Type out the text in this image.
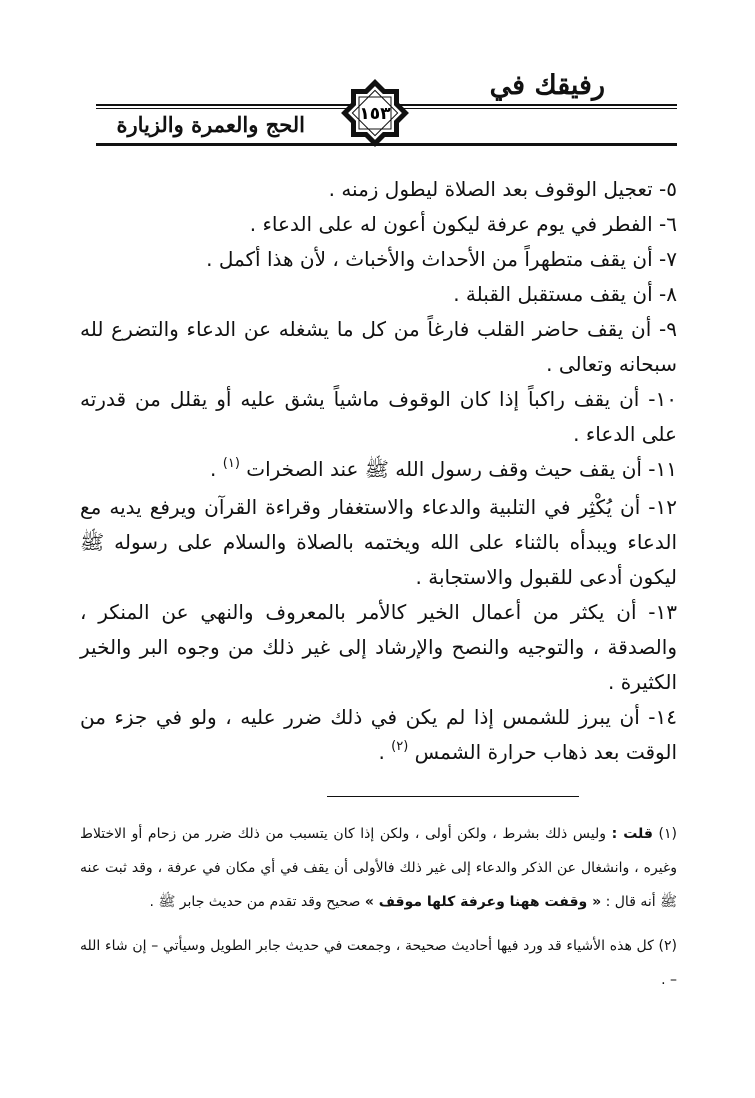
رفيقك في
الحج والعمرة والزيارة	١٥٣
٥- تعجيل الوقوف بعد الصلاة ليطول زمنه .
٦- الفطر في يوم عرفة ليكون أعون له على الدعاء .
٧- أن يقف متطهراً من الأحداث والأخباث ، لأن هذا أكمل .
٨- أن يقف مستقبل القبلة .
٩- أن يقف حاضر القلب فارغاً من كل ما يشغله عن الدعاء والتضرع لله سبحانه وتعالى .
١٠- أن يقف راكباً إذا كان الوقوف ماشياً يشق عليه أو يقلل من قدرته على الدعاء .
١١- أن يقف حيث وقف رسول الله ﷺ عند الصخرات $^{(١)}$ .
١٢- أن يُكْثِر في التلبية والدعاء والاستغفار وقراءة القرآن ويرفع يديه مع الدعاء ويبدأه بالثناء على الله ويختمه بالصلاة والسلام على رسوله ﷺ ليكون أدعى للقبول والاستجابة .
١٣- أن يكثر من أعمال الخير كالأمر بالمعروف والنهي عن المنكر ، والصدقة ، والتوجيه والنصح والإرشاد إلى غير ذلك من وجوه البر والخير الكثيرة .
١٤- أن يبرز للشمس إذا لم يكن في ذلك ضرر عليه ، ولو في جزء من الوقت بعد ذهاب حرارة الشمس $^{(٢)}$ .
(١) قلت : وليس ذلك بشرط ، ولكن أولى ، ولكن إذا كان يتسبب من ذلك ضرر من زحام أو الاختلاط وغيره ، وانشغال عن الذكر والدعاء إلى غير ذلك فالأولى أن يقف في أي مكان في عرفة ، وقد ثبت عنه ﷺ أنه قال : « وقفت ههنا وعرفة كلها موقف » صحيح وقد تقدم من حديث جابر ﷺ .
(٢) كل هذه الأشياء قد ورد فيها أحاديث صحيحة ، وجمعت في حديث جابر الطويل وسيأتي – إن شاء الله – .
